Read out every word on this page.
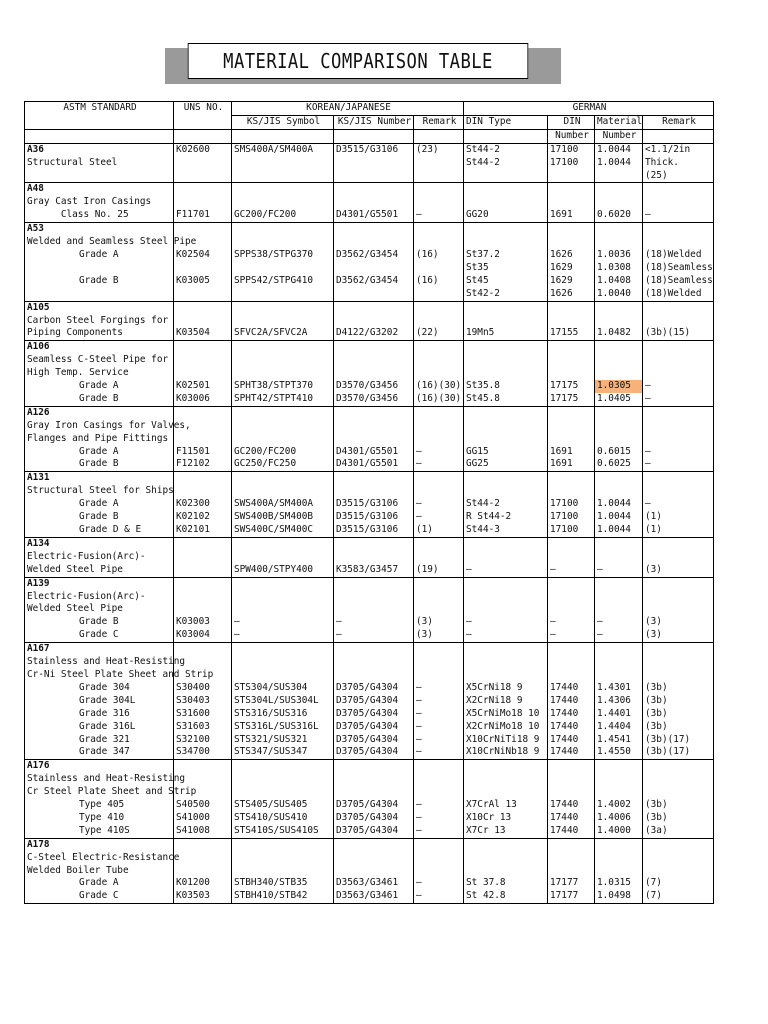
MATERIAL COMPARISON TABLE
ASTM STANDARD	UNS NO.	KOREAN/JAPANESE			GERMAN			
		KS/JIS Symbol	KS/JIS Number	Remark	DIN Type	DIN	Material	Remark
						Number	Number	
A36	K02600	SMS400A/SM400A	D3515/G3106	(23)	St44-2	17100	1.0044	<1.1/2in
Structural Steel					St44-2	17100	1.0044	Thick.
								(25)
A48								
Gray Cast Iron Casings								
Class No. 25	F11701	GC200/FC200	D4301/G5501	–	GG20	1691	0.6020	–
A53								
Welded and Seamless Steel Pipe								
Grade A	K02504	SPPS38/STPG370	D3562/G3454	(16)	St37.2	1626	1.0036	(18)Welded
					St35	1629	1.0308	(18)Seamless
Grade B	K03005	SPPS42/STPG410	D3562/G3454	(16)	St45	1629	1.0408	(18)Seamless
					St42-2	1626	1.0040	(18)Welded
A105								
Carbon Steel Forgings for								
Piping Components	K03504	SFVC2A/SFVC2A	D4122/G3202	(22)	19Mn5	17155	1.0482	(3b)(15)
A106								
Seamless C-Steel Pipe for								
High Temp. Service								
Grade A	K02501	SPHT38/STPT370	D3570/G3456	(16)(30)	St35.8	17175	1.0305	–
Grade B	K03006	SPHT42/STPT410	D3570/G3456	(16)(30)	St45.8	17175	1.0405	–
A126								
Gray Iron Casings for Valves,								
Flanges and Pipe Fittings								
Grade A	F11501	GC200/FC200	D4301/G5501	–	GG15	1691	0.6015	–
Grade B	F12102	GC250/FC250	D4301/G5501	–	GG25	1691	0.6025	–
A131								
Structural Steel for Ships								
Grade A	K02300	SWS400A/SM400A	D3515/G3106	–	St44-2	17100	1.0044	–
Grade B	K02102	SWS400B/SM400B	D3515/G3106	–	R St44-2	17100	1.0044	(1)
Grade D & E	K02101	SWS400C/SM400C	D3515/G3106	(1)	St44-3	17100	1.0044	(1)
A134								
Electric-Fusion(Arc)-								
Welded Steel Pipe		SPW400/STPY400	K3583/G3457	(19)	–	–	–	(3)
A139								
Electric-Fusion(Arc)-								
Welded Steel Pipe								
Grade B	K03003	–	–	(3)	–	–	–	(3)
Grade C	K03004	–	–	(3)	–	–	–	(3)
A167								
Stainless and Heat-Resisting								
Cr-Ni Steel Plate Sheet and Strip								
Grade 304	S30400	STS304/SUS304	D3705/G4304	–	X5CrNi18 9	17440	1.4301	(3b)
Grade 304L	S30403	STS304L/SUS304L	D3705/G4304	–	X2CrNi18 9	17440	1.4306	(3b)
Grade 316	S31600	STS316/SUS316	D3705/G4304	–	X5CrNiMo18 10	17440	1.4401	(3b)
Grade 316L	S31603	STS316L/SUS316L	D3705/G4304	–	X2CrNiMo18 10	17440	1.4404	(3b)
Grade 321	S32100	STS321/SUS321	D3705/G4304	–	X10CrNiTi18 9	17440	1.4541	(3b)(17)
Grade 347	S34700	STS347/SUS347	D3705/G4304	–	X10CrNiNb18 9	17440	1.4550	(3b)(17)
A176								
Stainless and Heat-Resisting								
Cr Steel Plate Sheet and Strip								
Type 405	S40500	STS405/SUS405	D3705/G4304	–	X7CrAl 13	17440	1.4002	(3b)
Type 410	S41000	STS410/SUS410	D3705/G4304	–	X10Cr 13	17440	1.4006	(3b)
Type 410S	S41008	STS410S/SUS410S	D3705/G4304	–	X7Cr 13	17440	1.4000	(3a)
A178								
C-Steel Electric-Resistance								
Welded Boiler Tube								
Grade A	K01200	STBH340/STB35	D3563/G3461	–	St 37.8	17177	1.0315	(7)
Grade C	K03503	STBH410/STB42	D3563/G3461	–	St 42.8	17177	1.0498	(7)
